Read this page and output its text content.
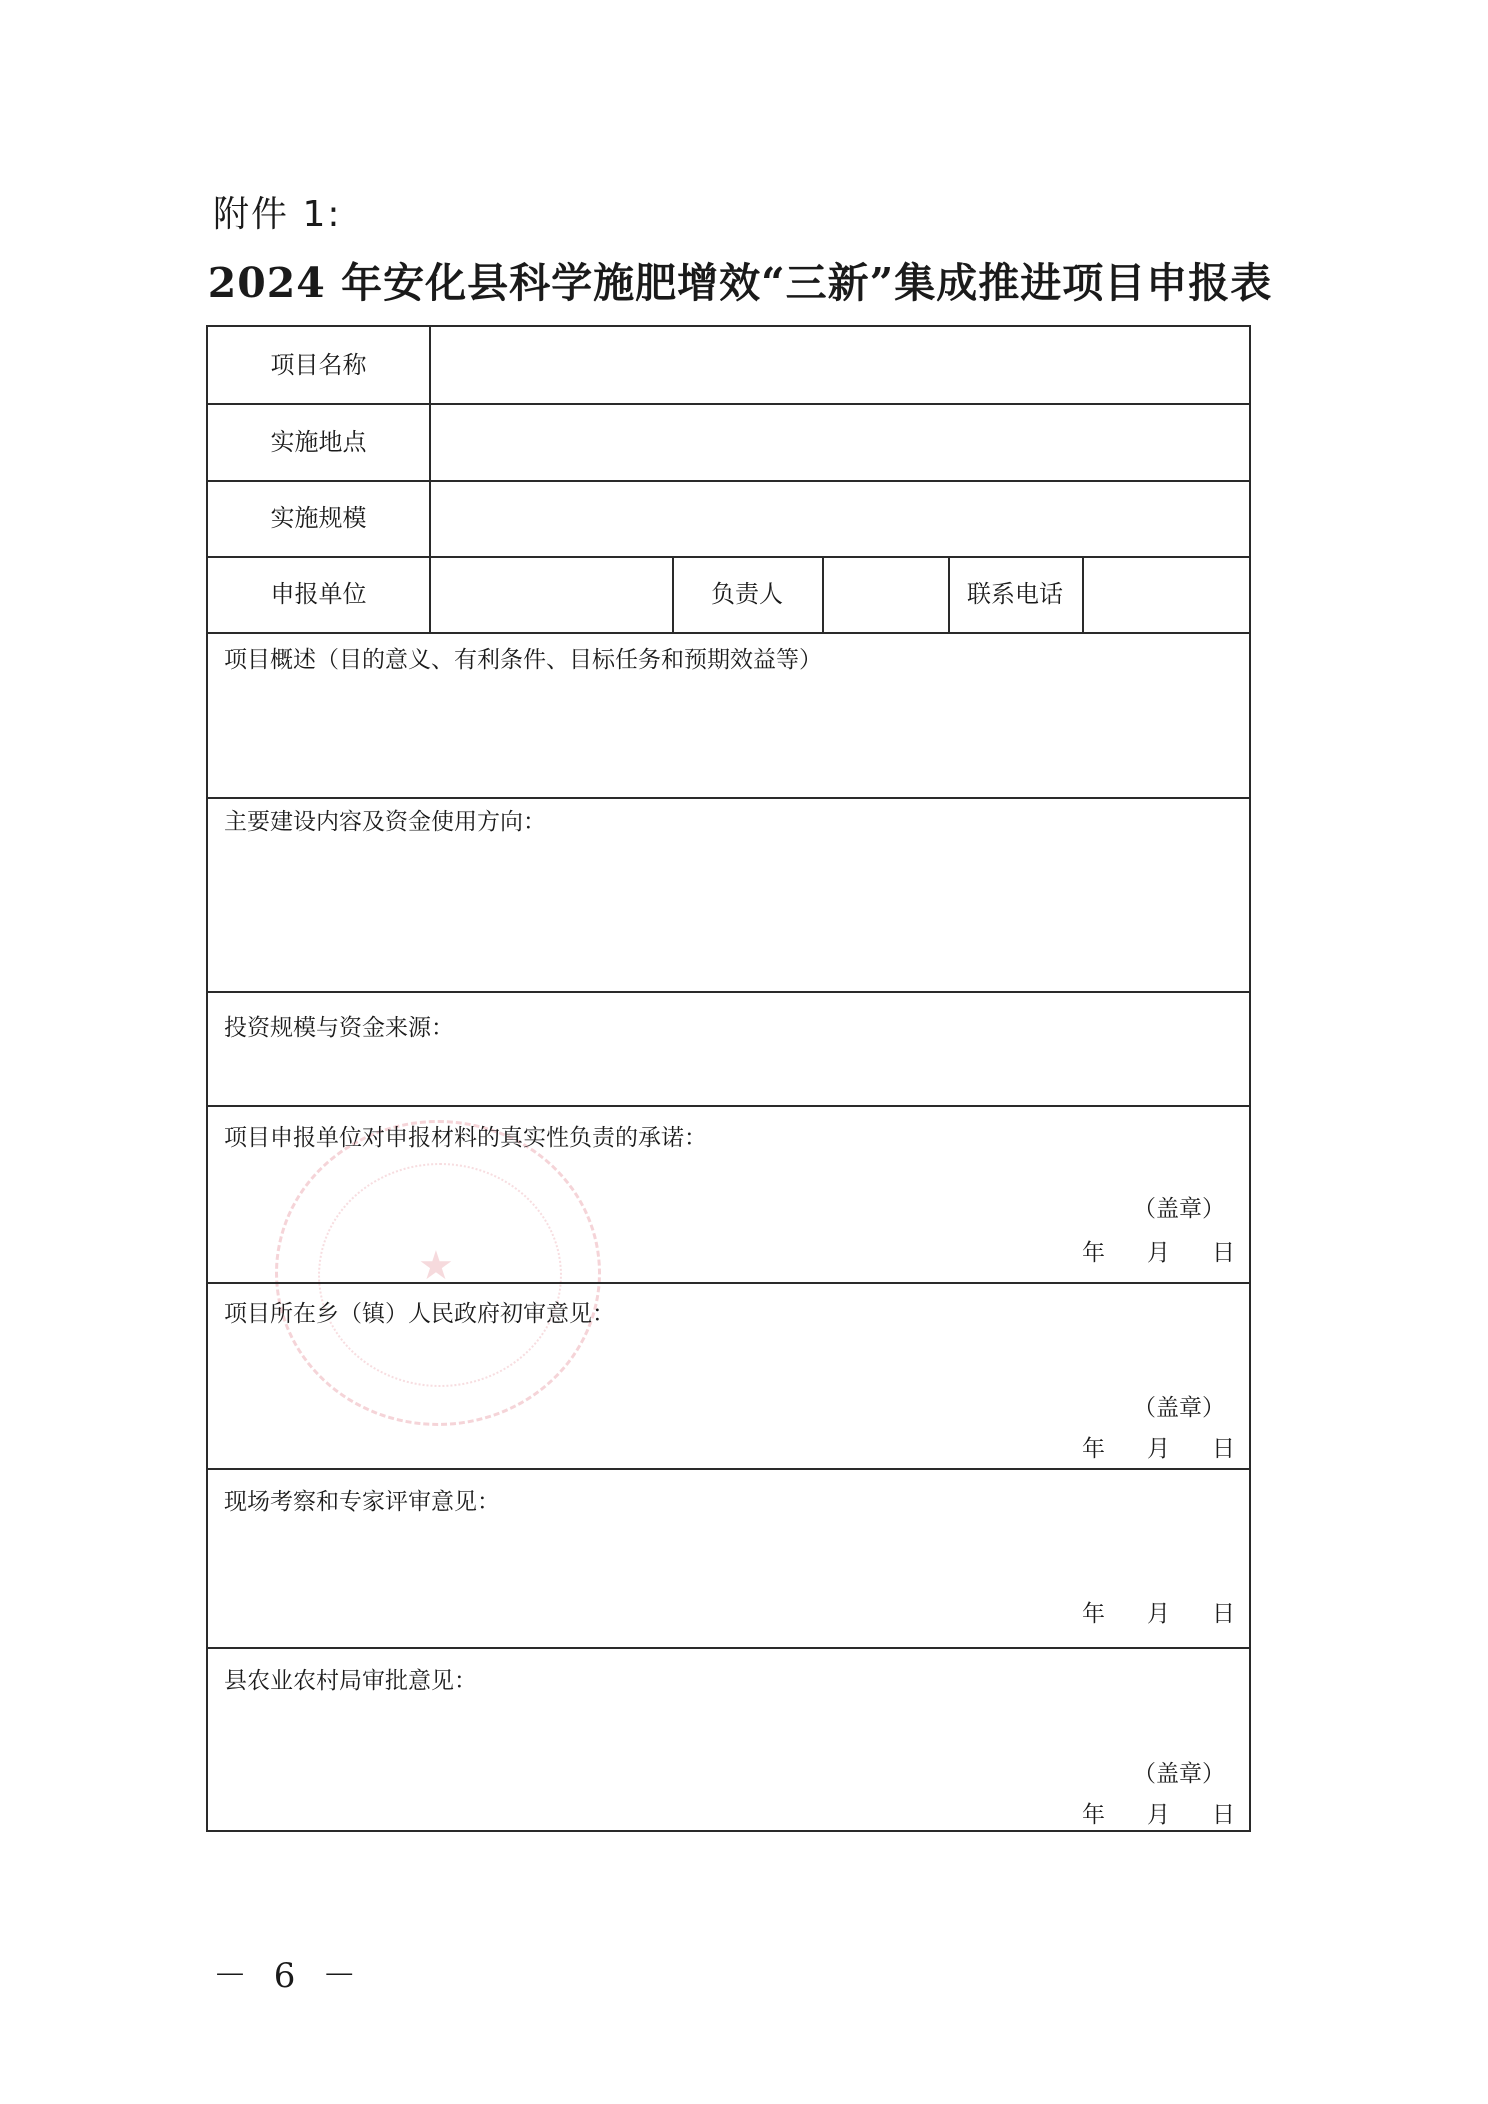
附件 1:
2024 年安化县科学施肥增效“三新”集成推进项目申报表
★
项目名称
实施地点
实施规模
申报单位	负责人	联系电话
项目概述（目的意义、有利条件、目标任务和预期效益等）
主要建设内容及资金使用方向：
投资规模与资金来源：
项目申报单位对申报材料的真实性负责的承诺：
（盖章）
年 月 日
项目所在乡（镇）人民政府初审意见：
（盖章）
年 月 日
现场考察和专家评审意见：
年 月 日
县农业农村局审批意见：
（盖章）
年 月 日
－ 6 －
